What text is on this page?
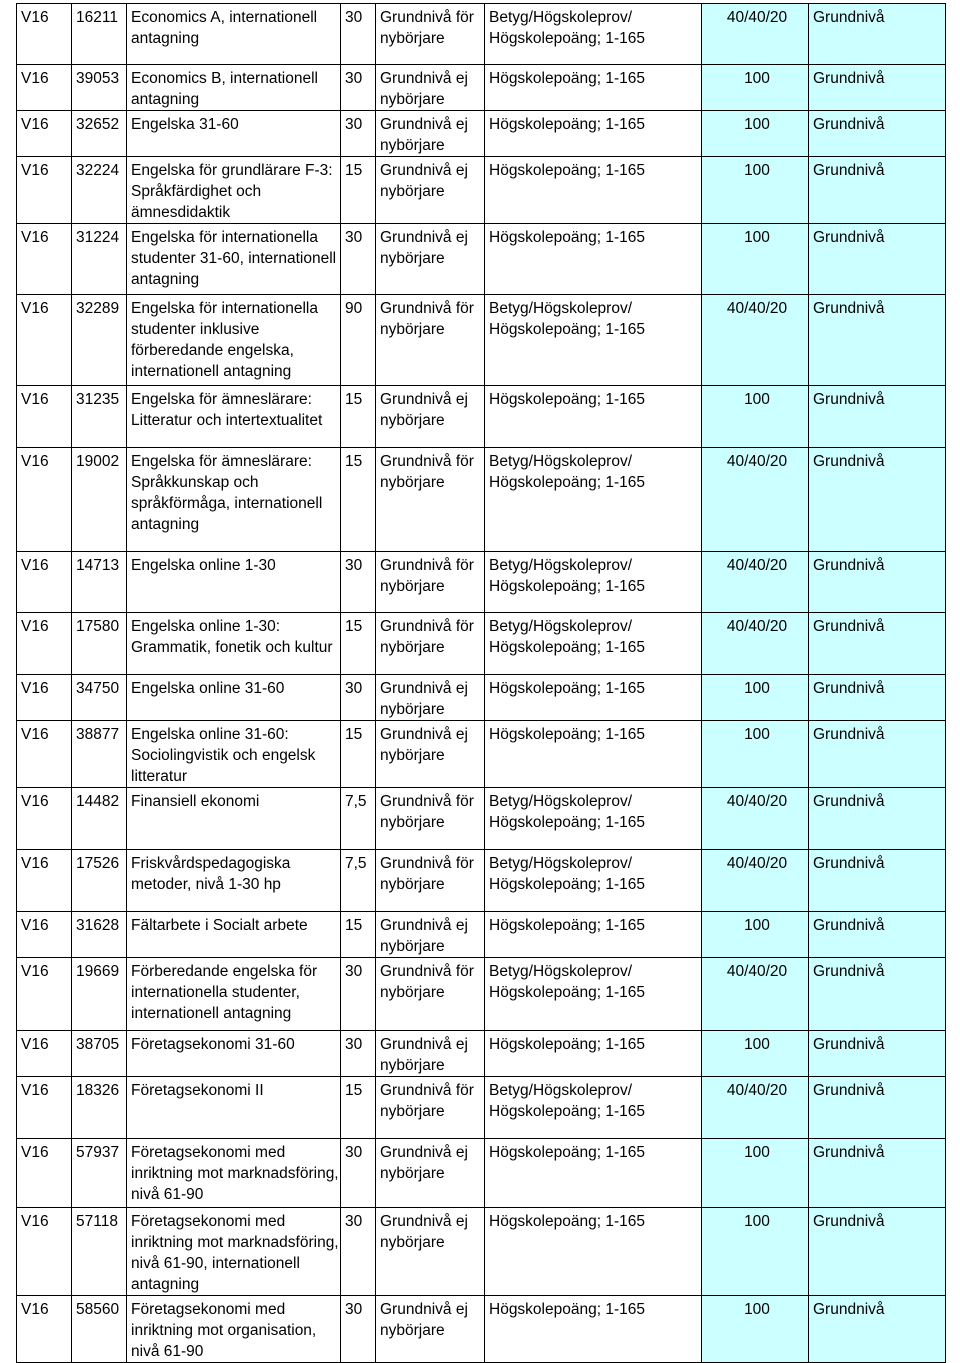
V16	16211	Economics A, internationell antagning	30	Grundnivå för nybörjare	Betyg/Högskoleprov/ Högskolepoäng; 1-165	40/40/20	Grundnivå
V16	39053	Economics B, internationell antagning	30	Grundnivå ej nybörjare	Högskolepoäng; 1-165	100	Grundnivå
V16	32652	Engelska 31-60	30	Grundnivå ej nybörjare	Högskolepoäng; 1-165	100	Grundnivå
V16	32224	Engelska för grundlärare F-3: Språkfärdighet och ämnesdidaktik	15	Grundnivå ej nybörjare	Högskolepoäng; 1-165	100	Grundnivå
V16	31224	Engelska för internationella studenter 31-60, internationell antagning	30	Grundnivå ej nybörjare	Högskolepoäng; 1-165	100	Grundnivå
V16	32289	Engelska för internationella studenter inklusive förberedande engelska, internationell antagning	90	Grundnivå för nybörjare	Betyg/Högskoleprov/ Högskolepoäng; 1-165	40/40/20	Grundnivå
V16	31235	Engelska för ämneslärare: Litteratur och intertextualitet	15	Grundnivå ej nybörjare	Högskolepoäng; 1-165	100	Grundnivå
V16	19002	Engelska för ämneslärare: Språkkunskap och språkförmåga, internationell antagning	15	Grundnivå för nybörjare	Betyg/Högskoleprov/ Högskolepoäng; 1-165	40/40/20	Grundnivå
V16	14713	Engelska online 1-30	30	Grundnivå för nybörjare	Betyg/Högskoleprov/ Högskolepoäng; 1-165	40/40/20	Grundnivå
V16	17580	Engelska online 1-30: Grammatik, fonetik och kultur	15	Grundnivå för nybörjare	Betyg/Högskoleprov/ Högskolepoäng; 1-165	40/40/20	Grundnivå
V16	34750	Engelska online 31-60	30	Grundnivå ej nybörjare	Högskolepoäng; 1-165	100	Grundnivå
V16	38877	Engelska online 31-60: Sociolingvistik och engelsk litteratur	15	Grundnivå ej nybörjare	Högskolepoäng; 1-165	100	Grundnivå
V16	14482	Finansiell ekonomi	7,5	Grundnivå för nybörjare	Betyg/Högskoleprov/ Högskolepoäng; 1-165	40/40/20	Grundnivå
V16	17526	Friskvårdspedagogiska metoder, nivå 1-30 hp	7,5	Grundnivå för nybörjare	Betyg/Högskoleprov/ Högskolepoäng; 1-165	40/40/20	Grundnivå
V16	31628	Fältarbete i Socialt arbete	15	Grundnivå ej nybörjare	Högskolepoäng; 1-165	100	Grundnivå
V16	19669	Förberedande engelska för internationella studenter, internationell antagning	30	Grundnivå för nybörjare	Betyg/Högskoleprov/ Högskolepoäng; 1-165	40/40/20	Grundnivå
V16	38705	Företagsekonomi 31-60	30	Grundnivå ej nybörjare	Högskolepoäng; 1-165	100	Grundnivå
V16	18326	Företagsekonomi II	15	Grundnivå för nybörjare	Betyg/Högskoleprov/ Högskolepoäng; 1-165	40/40/20	Grundnivå
V16	57937	Företagsekonomi med inriktning mot marknadsföring, nivå 61-90	30	Grundnivå ej nybörjare	Högskolepoäng; 1-165	100	Grundnivå
V16	57118	Företagsekonomi med inriktning mot marknadsföring, nivå 61-90, internationell antagning	30	Grundnivå ej nybörjare	Högskolepoäng; 1-165	100	Grundnivå
V16	58560	Företagsekonomi med inriktning mot organisation, nivå 61-90	30	Grundnivå ej nybörjare	Högskolepoäng; 1-165	100	Grundnivå
